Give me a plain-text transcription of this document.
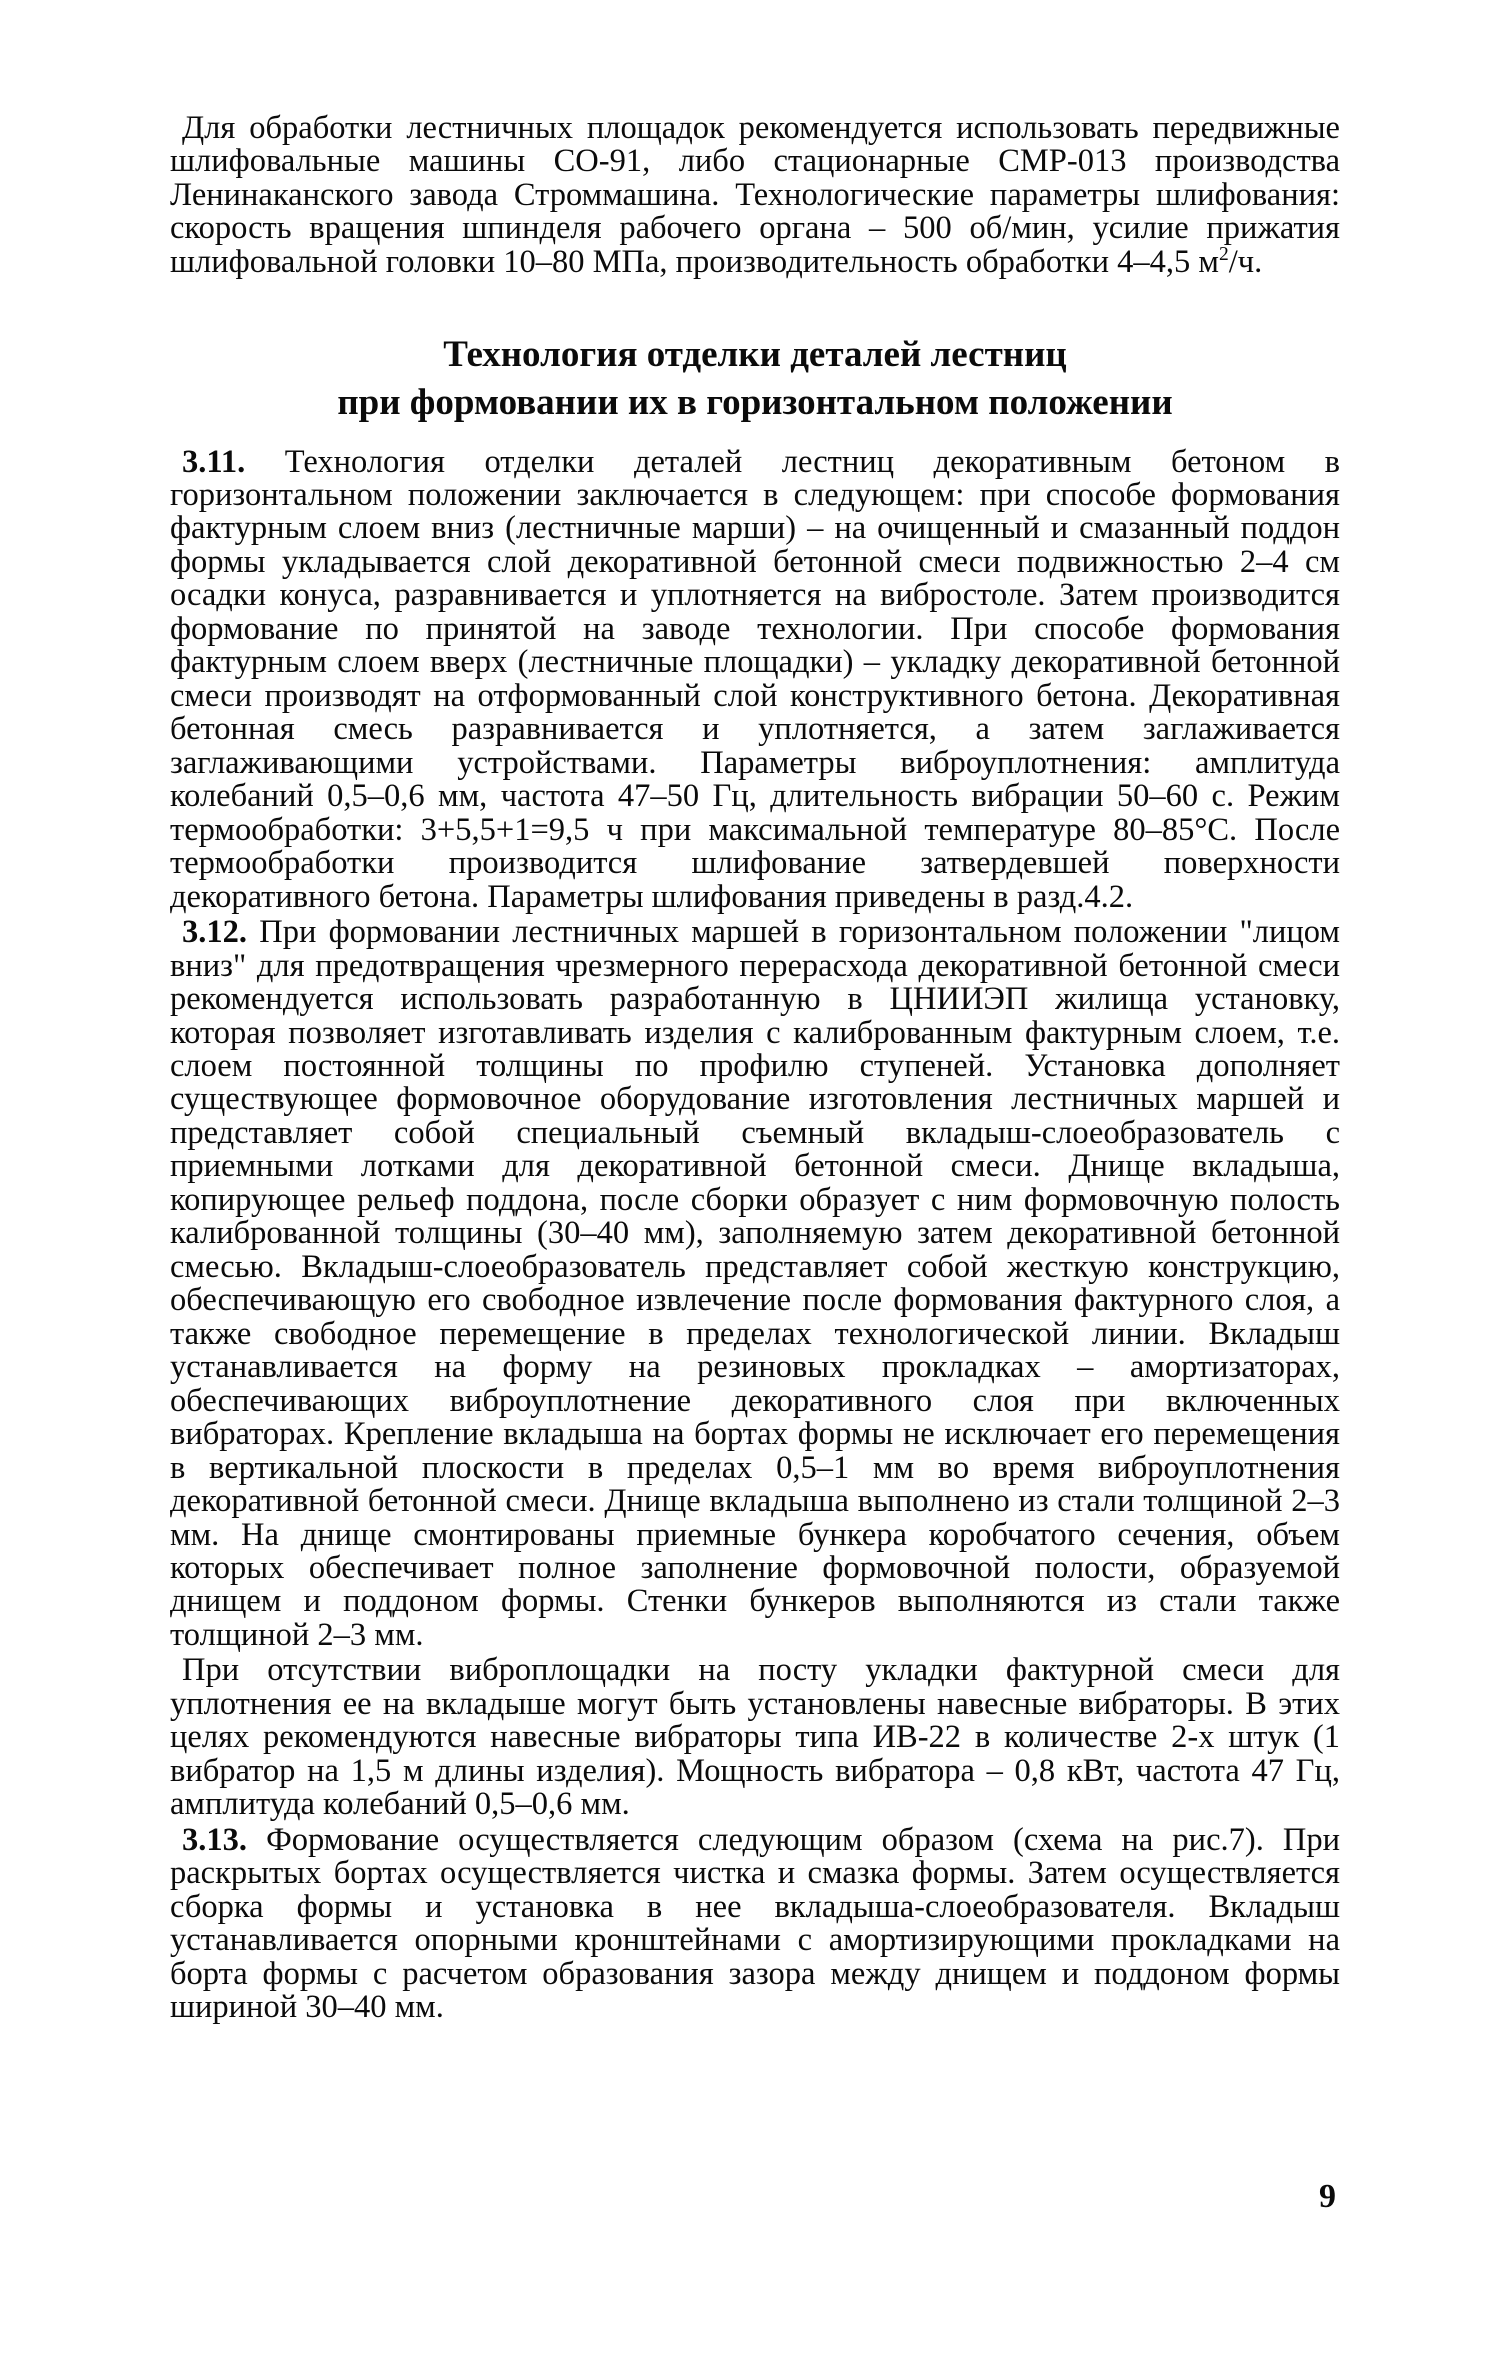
Для обработки лестничных площадок рекомендуется использовать передвижные шлифовальные машины СО-91, либо стационарные СМР-013 производства Ленинаканского завода Строммашина. Технологические параметры шлифования: скорость вращения шпинделя рабочего органа – 500 об/мин, усилие прижатия шлифовальной головки 10–80 МПа, производительность обработки 4–4,5 $м^2/ч$.

Технология отделки деталей лестниц

при формовании их в горизонтальном положении

3.11. Технология отделки деталей лестниц декоративным бетоном в горизонтальном положении заключается в следующем: при способе формования фактурным слоем вниз (лестничные марши) – на очищенный и смазанный поддон формы укладывается слой декоративной бетонной смеси подвижностью 2–4 см осадки конуса, разравнивается и уплотняется на вибростоле. Затем производится формование по принятой на заводе технологии. При способе формования фактурным слоем вверх (лестничные площадки) – укладку декоративной бетонной смеси производят на отформованный слой конструктивного бетона. Декоративная бетонная смесь разравнивается и уплотняется, а затем заглаживается заглаживающими устройствами. Параметры виброуплотнения: амплитуда колебаний 0,5–0,6 мм, частота 47–50 Гц, длительность вибрации 50–60 с. Режим термообработки: 3+5,5+1=9,5 ч при максимальной температуре 80–85°С. После термообработки производится шлифование затвердевшей поверхности декоративного бетона. Параметры шлифования приведены в разд.4.2.

3.12. При формовании лестничных маршей в горизонтальном положении "лицом вниз" для предотвращения чрезмерного перерасхода декоративной бетонной смеси рекомендуется использовать разработанную в ЦНИИЭП жилища установку, которая позволяет изготавливать изделия с калиброванным фактурным слоем, т.е. слоем постоянной толщины по профилю ступеней. Установка дополняет существующее формовочное оборудование изготовления лестничных маршей и представляет собой специальный съемный вкладыш-слоеобразователь с приемными лотками для декоративной бетонной смеси. Днище вкладыша, копирующее рельеф поддона, после сборки образует с ним формовочную полость калиброванной толщины (30–40 мм), заполняемую затем декоративной бетонной смесью. Вкладыш-слоеобразователь представляет собой жесткую конструкцию, обеспечивающую его свободное извлечение после формования фактурного слоя, а также свободное перемещение в пределах технологической линии. Вкладыш устанавливается на форму на резиновых прокладках – амортизаторах, обеспечивающих виброуплотнение декоративного слоя при включенных вибраторах. Крепление вкладыша на бортах формы не исключает его перемещения в вертикальной плоскости в пределах 0,5–1 мм во время виброуплотнения декоративной бетонной смеси. Днище вкладыша выполнено из стали толщиной 2–3 мм. На днище смонтированы приемные бункера коробчатого сечения, объем которых обеспечивает полное заполнение формовочной полости, образуемой днищем и поддоном формы. Стенки бункеров выполняются из стали также толщиной 2–3 мм.

При отсутствии виброплощадки на посту укладки фактурной смеси для уплотнения ее на вкладыше могут быть установлены навесные вибраторы. В этих целях рекомендуются навесные вибраторы типа ИВ-22 в количестве 2-х штук (1 вибратор на 1,5 м длины изделия). Мощность вибратора – 0,8 кВт, частота 47 Гц, амплитуда колебаний 0,5–0,6 мм.

3.13. Формование осуществляется следующим образом (схема на рис.7). При раскрытых бортах осуществляется чистка и смазка формы. Затем осуществляется сборка формы и установка в нее вкладыша-слоеобразователя. Вкладыш устанавливается опорными кронштейнами с амортизирующими прокладками на борта формы с расчетом образования зазора между днищем и поддоном формы шириной 30–40 мм.

9
